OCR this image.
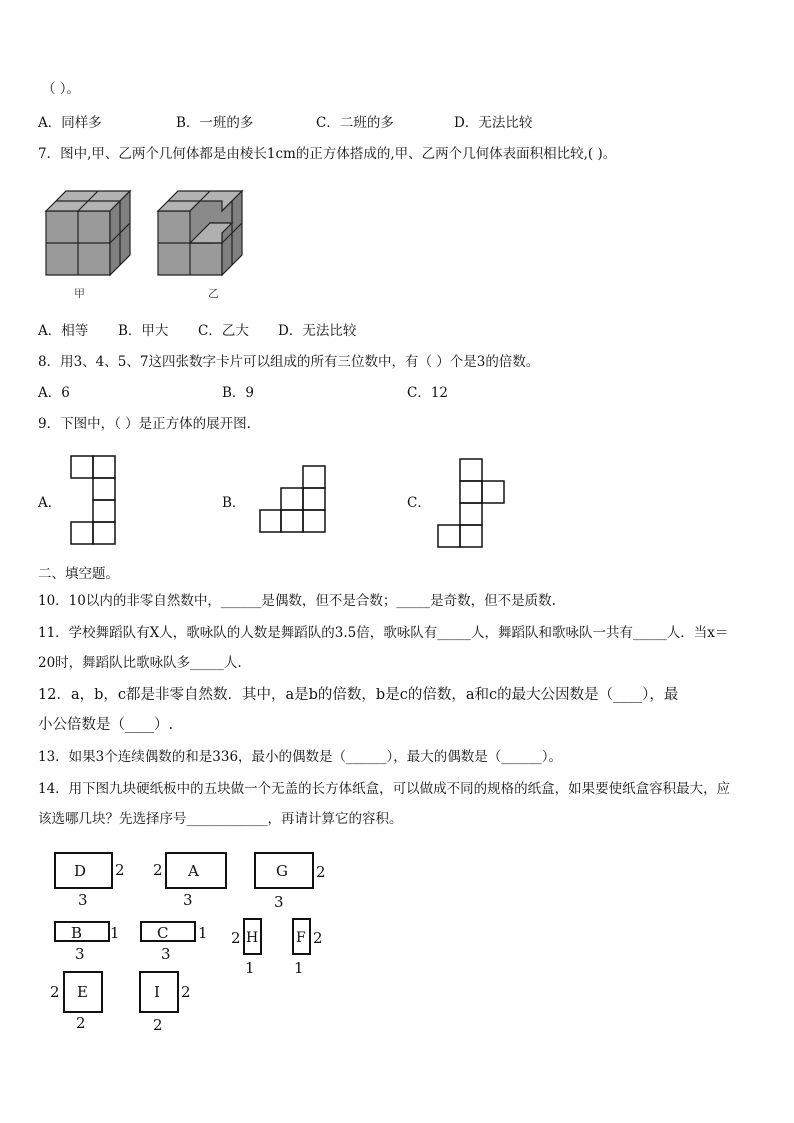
（ ）。
A．同样多	B．一班的多	C．二班的多	D．无法比较
7．图中,甲、乙两个几何体都是由棱长1cm的正方体搭成的,甲、乙两个几何体表面积相比较,( )。
甲	乙
A．相等 B．甲大 C．乙大 D．无法比较
8．用3、4、5、7这四张数字卡片可以组成的所有三位数中，有（ ）个是3的倍数。
A．6	B．9	C．12
9．下图中，（ ）是正方体的展开图.
A．	B．	C．
二、填空题。
10．10以内的非零自然数中，______是偶数，但不是合数；_____是奇数，但不是质数.
11．学校舞蹈队有X人，歌咏队的人数是舞蹈队的3.5倍，歌咏队有_____人，舞蹈队和歌咏队一共有_____人．当x＝
20时，舞蹈队比歌咏队多_____人.
12．a，b，c都是非零自然数．其中，a是b的倍数，b是c的倍数，a和c的最大公因数是（____），最
小公倍数是（____）.
13．如果3个连续偶数的和是336，最小的偶数是（______），最大的偶数是（______）。
14．用下图九块硬纸板中的五块做一个无盖的长方体纸盒，可以做成不同的规格的纸盒，如果要使纸盒容积最大，应
该选哪几块？先选择序号____________，再请计算它的容积。
D 2
3
A
2
3
G 2
3
B 1
3
C 1
3
H
2
1
F 2
1
E
2
2
I 2
2
